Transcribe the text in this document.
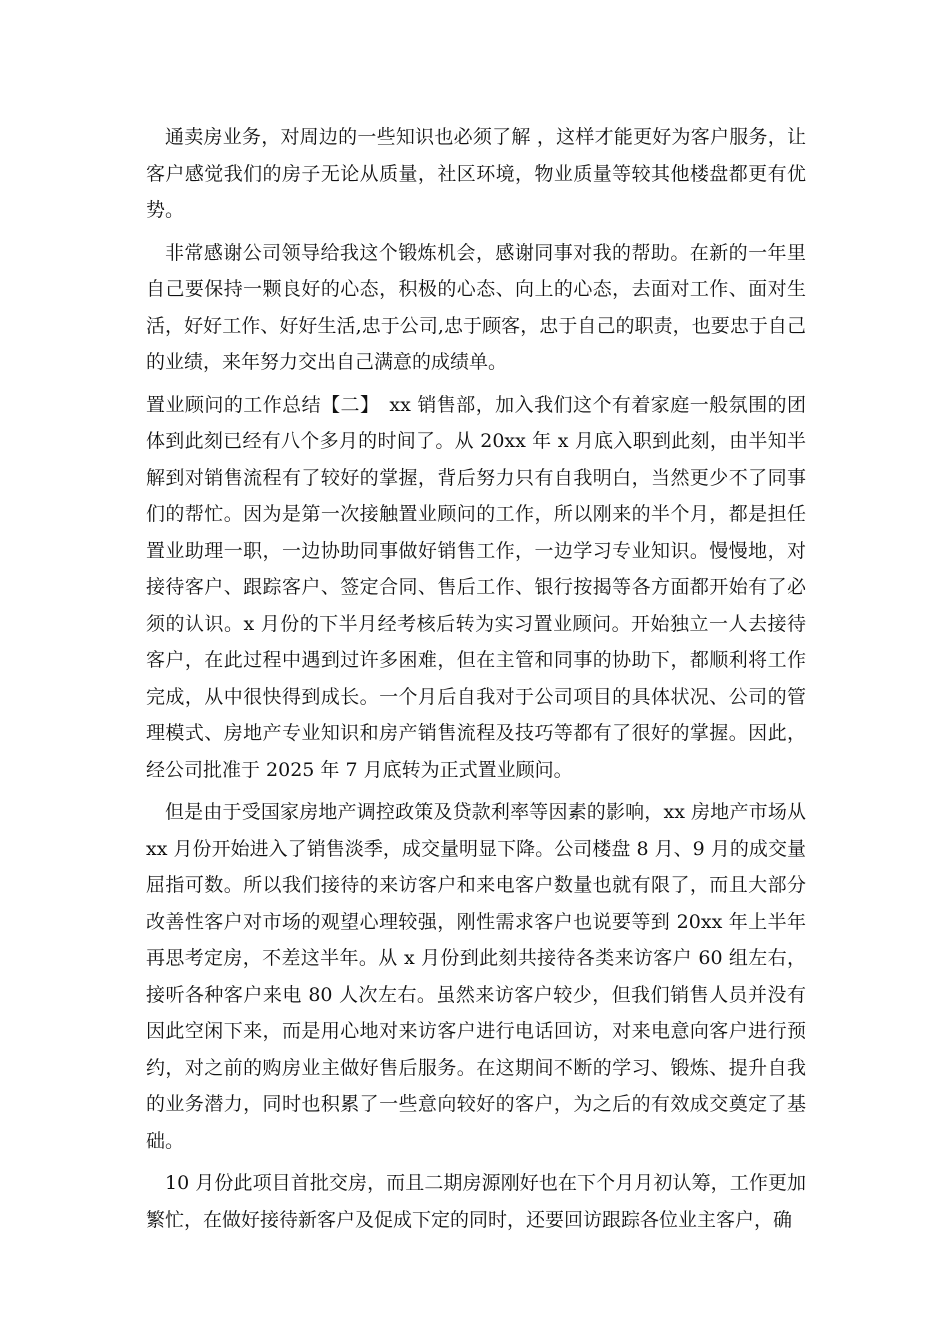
通卖房业务，对周边的一些知识也必须了解 ，这样才能更好为客户服务，让客户感觉我们的房子无论从质量，社区环境，物业质量等较其他楼盘都更有优势。

非常感谢公司领导给我这个锻炼机会，感谢同事对我的帮助。在新的一年里自己要保持一颗良好的心态，积极的心态、向上的心态，去面对工作、面对生活，好好工作、好好生活,忠于公司,忠于顾客，忠于自己的职责，也要忠于自己的业绩，来年努力交出自己满意的成绩单。

置业顾问的工作总结【二】　xx 销售部，加入我们这个有着家庭一般氛围的团体到此刻已经有八个多月的时间了。从 20xx 年 x 月底入职到此刻，由半知半解到对销售流程有了较好的掌握，背后努力只有自我明白，当然更少不了同事们的帮忙。因为是第一次接触置业顾问的工作，所以刚来的半个月，都是担任置业助理一职，一边协助同事做好销售工作，一边学习专业知识。慢慢地，对接待客户、跟踪客户、签定合同、售后工作、银行按揭等各方面都开始有了必须的认识。x 月份的下半月经考核后转为实习置业顾问。开始独立一人去接待客户，在此过程中遇到过许多困难，但在主管和同事的协助下，都顺利将工作完成，从中很快得到成长。一个月后自我对于公司项目的具体状况、公司的管理模式、房地产专业知识和房产销售流程及技巧等都有了很好的掌握。因此，经公司批准于 2025 年 7 月底转为正式置业顾问。

但是由于受国家房地产调控政策及贷款利率等因素的影响，xx 房地产市场从 xx 月份开始进入了销售淡季，成交量明显下降。公司楼盘 8 月、9 月的成交量屈指可数。所以我们接待的来访客户和来电客户数量也就有限了，而且大部分改善性客户对市场的观望心理较强，刚性需求客户也说要等到 20xx 年上半年再思考定房，不差这半年。从 x 月份到此刻共接待各类来访客户 60 组左右，接听各种客户来电 80 人次左右。虽然来访客户较少，但我们销售人员并没有因此空闲下来，而是用心地对来访客户进行电话回访，对来电意向客户进行预约，对之前的购房业主做好售后服务。在这期间不断的学习、锻炼、提升自我的业务潜力，同时也积累了一些意向较好的客户，为之后的有效成交奠定了基础。

10 月份此项目首批交房，而且二期房源刚好也在下个月月初认筹，工作更加繁忙，在做好接待新客户及促成下定的同时，还要回访跟踪各位业主客户，确
